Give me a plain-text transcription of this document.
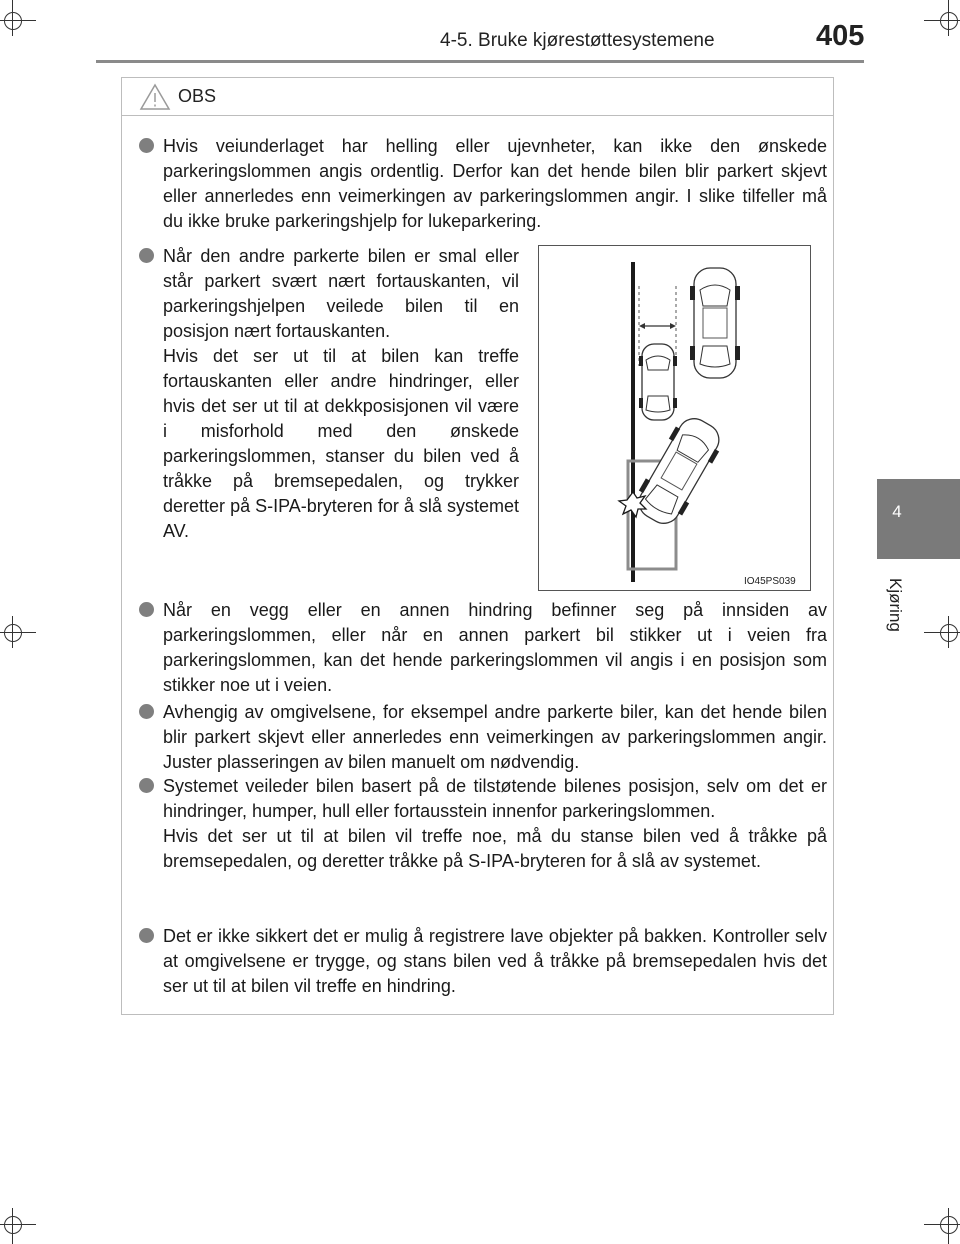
4-5. Bruke kjørestøttesystemene	405
4
Kjøring
OBS
Hvis veiunderlaget har helling eller ujevnheter, kan ikke den ønskede parkeringslommen angis ordentlig. Derfor kan det hende bilen blir parkert skjevt eller annerledes enn veimerkingen av parkeringslommen angir. I slike tilfeller må du ikke bruke parkeringshjelp for lukeparkering.
Når den andre parkerte bilen er smal eller står parkert svært nært fortauskanten, vil parkeringshjelpen veilede bilen til en posisjon nært fortauskanten.
Hvis det ser ut til at bilen kan treffe fortauskanten eller andre hindringer, eller hvis det ser ut til at dekkposisjonen vil være i misforhold med den ønskede parkeringslommen, stanser du bilen ved å tråkke på bremsepedalen, og trykker deretter på S-IPA-bryteren for å slå systemet AV.
IO45PS039
Når en vegg eller en annen hindring befinner seg på innsiden av parkeringslommen, eller når en annen parkert bil stikker ut i veien fra parkeringslommen, kan det hende parkeringslommen vil angis i en posisjon som stikker noe ut i veien.
Avhengig av omgivelsene, for eksempel andre parkerte biler, kan det hende bilen blir parkert skjevt eller annerledes enn veimerkingen av parkeringslommen angir. Juster plasseringen av bilen manuelt om nødvendig.
Systemet veileder bilen basert på de tilstøtende bilenes posisjon, selv om det er hindringer, humper, hull eller fortausstein innenfor parkeringslommen.
Hvis det ser ut til at bilen vil treffe noe, må du stanse bilen ved å tråkke på bremsepedalen, og deretter tråkke på S-IPA-bryteren for å slå av systemet.
Det er ikke sikkert det er mulig å registrere lave objekter på bakken. Kontroller selv at omgivelsene er trygge, og stans bilen ved å tråkke på bremsepedalen hvis det ser ut til at bilen vil treffe en hindring.
